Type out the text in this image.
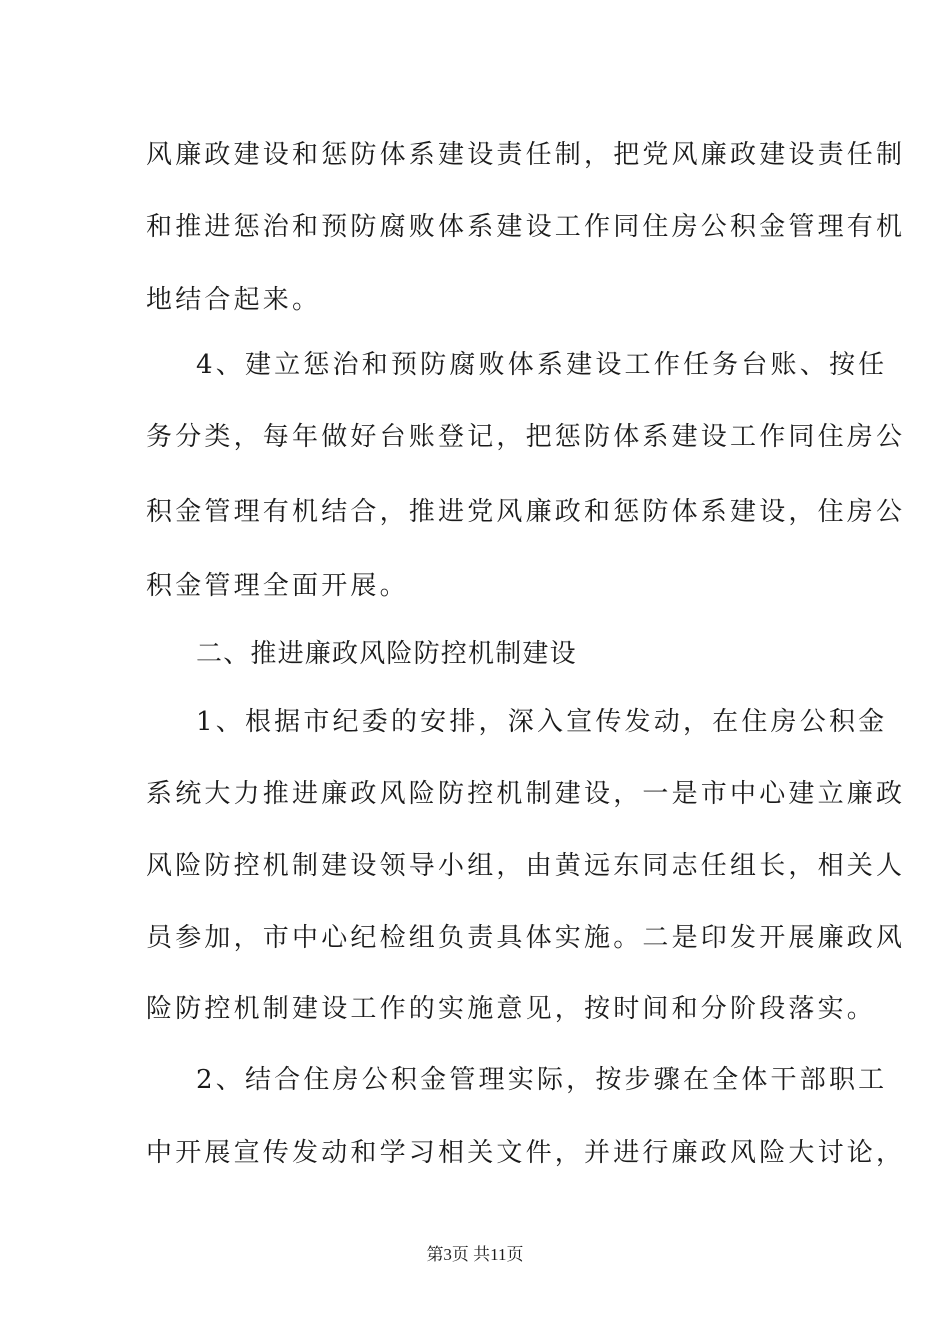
风廉政建设和惩防体系建设责任制，把党风廉政建设责任制
和推进惩治和预防腐败体系建设工作同住房公积金管理有机
地结合起来。
4、建立惩治和预防腐败体系建设工作任务台账、按任
务分类，每年做好台账登记，把惩防体系建设工作同住房公
积金管理有机结合，推进党风廉政和惩防体系建设，住房公
积金管理全面开展。
二、推进廉政风险防控机制建设
1、根据市纪委的安排，深入宣传发动，在住房公积金
系统大力推进廉政风险防控机制建设，一是市中心建立廉政
风险防控机制建设领导小组，由黄远东同志任组长，相关人
员参加，市中心纪检组负责具体实施。二是印发开展廉政风
险防控机制建设工作的实施意见，按时间和分阶段落实。
2、结合住房公积金管理实际，按步骤在全体干部职工
中开展宣传发动和学习相关文件，并进行廉政风险大讨论，
第3页 共11页
